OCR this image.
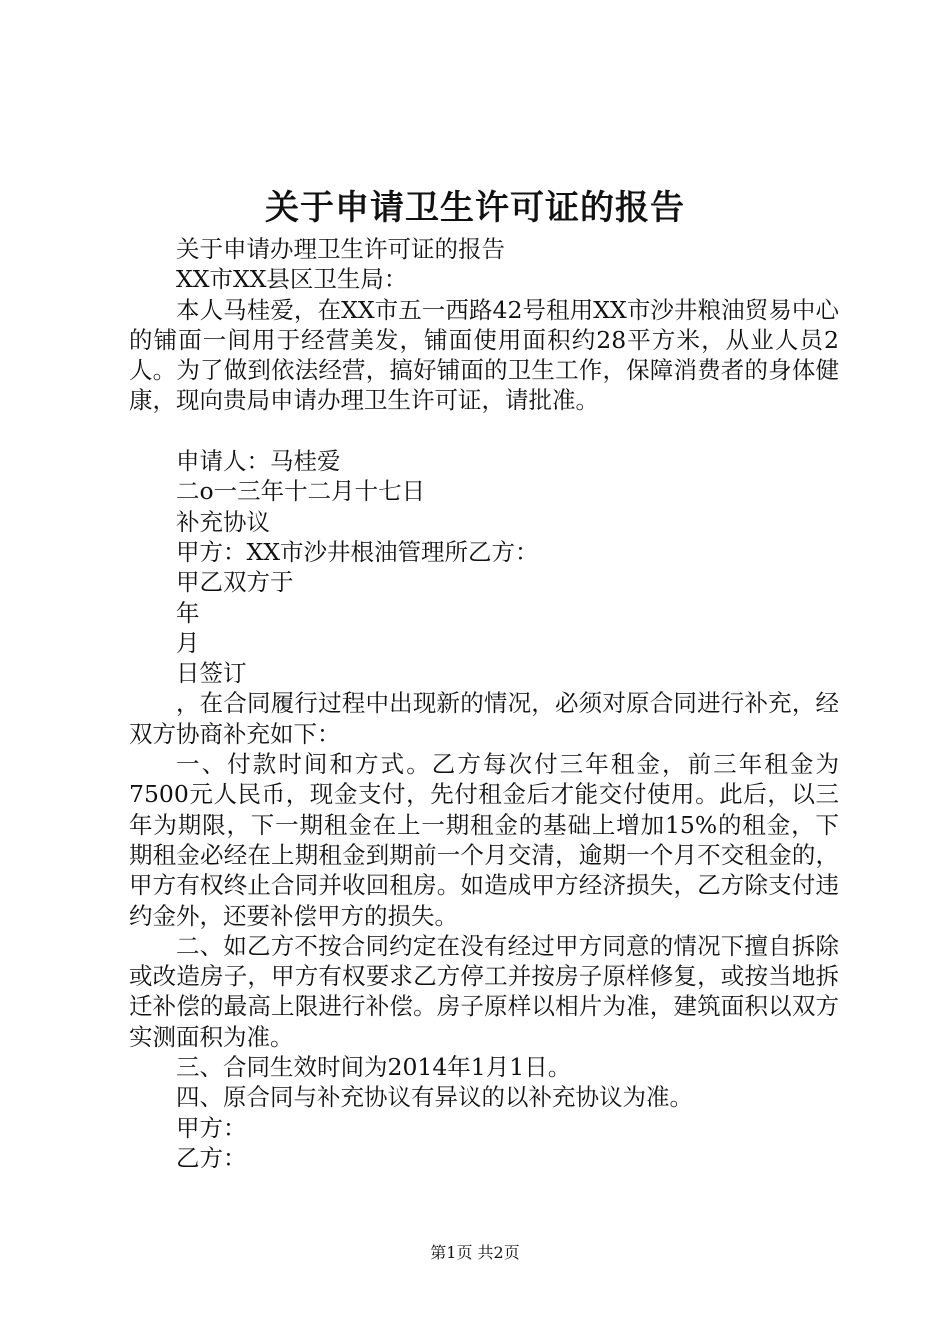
关于申请卫生许可证的报告

关于申请办理卫生许可证的报告

XX市XX县区卫生局：

本人马桂爱，在XX市五一西路42号租用XX市沙井粮油贸易中心的铺面一间用于经营美发，铺面使用面积约28平方米，从业人员2人。为了做到依法经营，搞好铺面的卫生工作，保障消费者的身体健康，现向贵局申请办理卫生许可证，请批准。

申请人：马桂爱

二o一三年十二月十七日

补充协议

甲方：XX市沙井根油管理所乙方：

甲乙双方于

年

月

日签订

，在合同履行过程中出现新的情况，必须对原合同进行补充，经双方协商补充如下：

一、付款时间和方式。乙方每次付三年租金，前三年租金为7500元人民币，现金支付，先付租金后才能交付使用。此后，以三年为期限，下一期租金在上一期租金的基础上增加15%的租金，下期租金必经在上期租金到期前一个月交清，逾期一个月不交租金的，甲方有权终止合同并收回租房。如造成甲方经济损失，乙方除支付违约金外，还要补偿甲方的损失。

二、如乙方不按合同约定在没有经过甲方同意的情况下擅自拆除或改造房子，甲方有权要求乙方停工并按房子原样修复，或按当地拆迁补偿的最高上限进行补偿。房子原样以相片为准，建筑面积以双方实测面积为准。

三、合同生效时间为2014年1月1日。

四、原合同与补充协议有异议的以补充协议为准。

甲方：

乙方：

第1页 共2页
